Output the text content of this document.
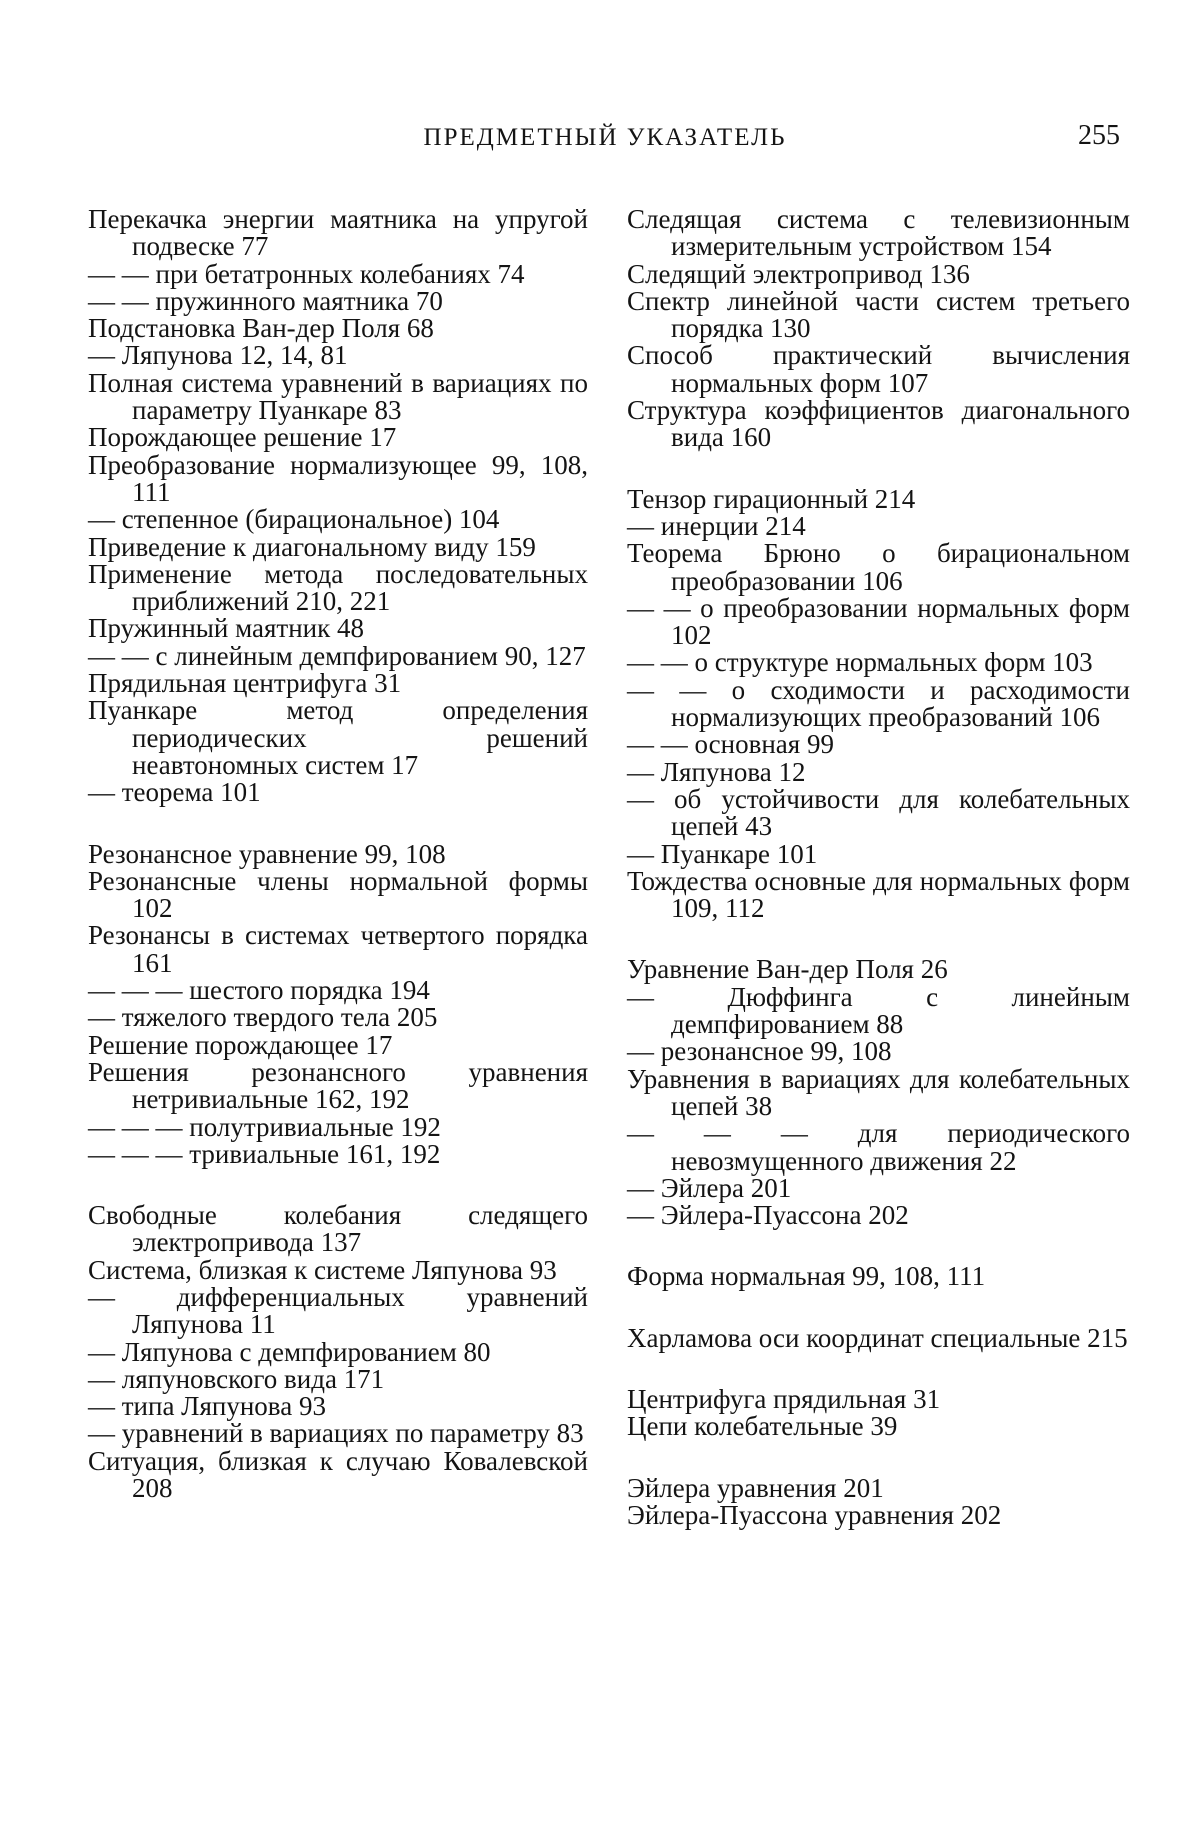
ПРЕДМЕТНЫЙ УКАЗАТЕЛЬ	255
Перекачка энергии маятника на упругой подвеске 77
— — при бетатронных колебаниях 74
— — пружинного маятника 70
Подстановка Ван-дер Поля 68
— Ляпунова 12, 14, 81
Полная система уравнений в вариациях по параметру Пуанкаре 83
Порождающее решение 17
Преобразование нормализующее 99, 108, 111
— степенное (бирациональное) 104
Приведение к диагональному виду 159
Применение метода последовательных приближений 210, 221
Пружинный маятник 48
— — с линейным демпфированием 90, 127
Прядильная центрифуга 31
Пуанкаре метод определения периодических решений неавтономных систем 17
— теорема 101
Резонансное уравнение 99, 108
Резонансные члены нормальной формы 102
Резонансы в системах четвертого порядка 161
— — — шестого порядка 194
— тяжелого твердого тела 205
Решение порождающее 17
Решения резонансного уравнения нетривиальные 162, 192
— — — полутривиальные 192
— — — тривиальные 161, 192
Свободные колебания следящего электропривода 137
Система, близкая к системе Ляпунова 93
— дифференциальных уравнений Ляпунова 11
— Ляпунова с демпфированием 80
— ляпуновского вида 171
— типа Ляпунова 93
— уравнений в вариациях по параметру 83
Ситуация, близкая к случаю Ковалевской 208
Следящая система с телевизионным измерительным устройством 154
Следящий электропривод 136
Спектр линейной части систем третьего порядка 130
Способ практический вычисления нормальных форм 107
Структура коэффициентов диагонального вида 160
Тензор гирационный 214
— инерции 214
Теорема Брюно о бирациональном преобразовании 106
— — о преобразовании нормальных форм 102
— — о структуре нормальных форм 103
— — о сходимости и расходимости нормализующих преобразований 106
— — основная 99
— Ляпунова 12
— об устойчивости для колебательных цепей 43
— Пуанкаре 101
Тождества основные для нормальных форм 109, 112
Уравнение Ван-дер Поля 26
— Дюффинга с линейным демпфированием 88
— резонансное 99, 108
Уравнения в вариациях для колебательных цепей 38
— — — для периодического невозмущенного движения 22
— Эйлера 201
— Эйлера-Пуассона 202
Форма нормальная 99, 108, 111
Харламова оси координат специальные 215
Центрифуга прядильная 31
Цепи колебательные 39
Эйлера уравнения 201
Эйлера-Пуассона уравнения 202
